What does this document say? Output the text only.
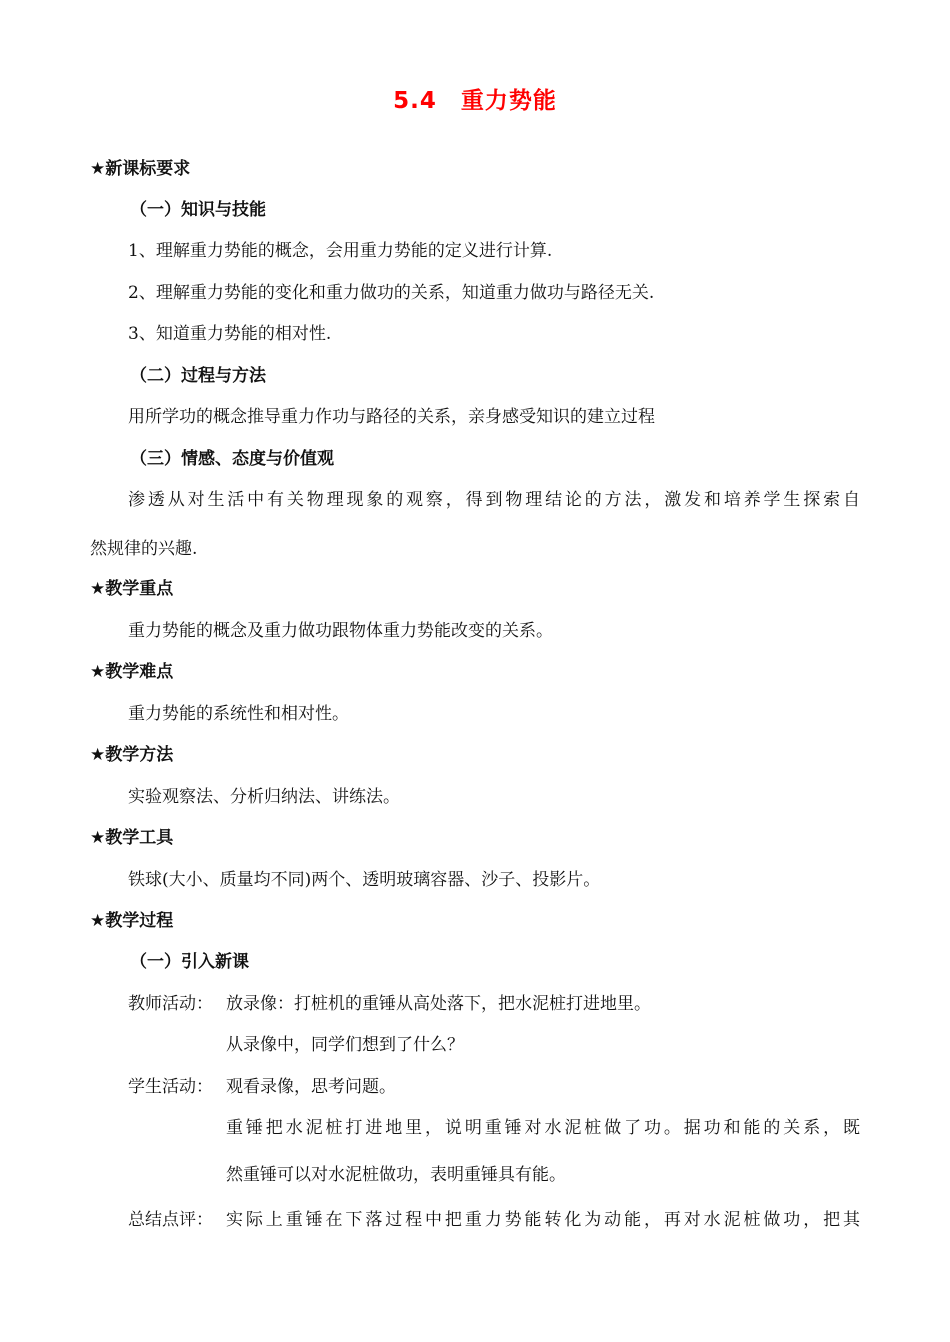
5.4　重力势能
★新课标要求
（一）知识与技能
1、理解重力势能的概念，会用重力势能的定义进行计算.
2、理解重力势能的变化和重力做功的关系，知道重力做功与路径无关.
3、知道重力势能的相对性.
（二）过程与方法
用所学功的概念推导重力作功与路径的关系，亲身感受知识的建立过程
（三）情感、态度与价值观
渗透从对生活中有关物理现象的观察，得到物理结论的方法，激发和培养学生探索自
然规律的兴趣.
★教学重点
重力势能的概念及重力做功跟物体重力势能改变的关系。
★教学难点
重力势能的系统性和相对性。
★教学方法
实验观察法、分析归纳法、讲练法。
★教学工具
铁球(大小、质量均不同)两个、透明玻璃容器、沙子、投影片。
★教学过程
（一）引入新课
教师活动： 放录像：打桩机的重锤从高处落下，把水泥桩打进地里。
从录像中，同学们想到了什么？
学生活动： 观看录像，思考问题。
重锤把水泥桩打进地里，说明重锤对水泥桩做了功。据功和能的关系，既
然重锤可以对水泥桩做功，表明重锤具有能。
总结点评： 实际上重锤在下落过程中把重力势能转化为动能，再对水泥桩做功，把其
